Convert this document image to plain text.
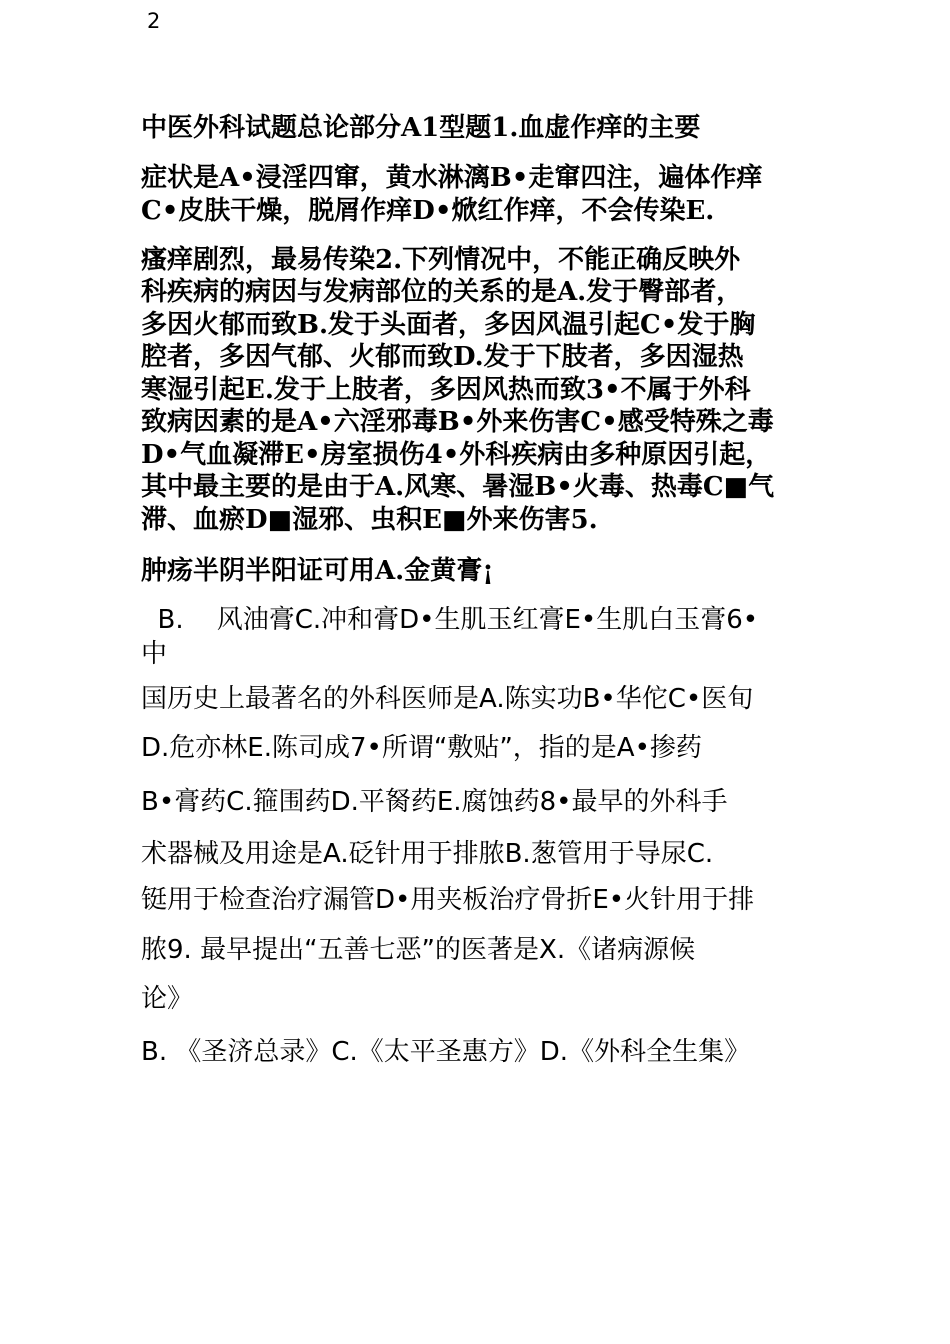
2
中医外科试题总论部分A1型题1.血虚作痒的主要
症状是A•浸淫四窜，黄水淋漓B•走窜四注，遍体作痒
C•皮肤干燥，脱屑作痒D•焮红作痒，不会传染E.
瘙痒剧烈，最易传染2.下列情况中，不能正确反映外
科疾病的病因与发病部位的关系的是A.发于臀部者，
多因火郁而致B.发于头面者，多因风温引起C•发于胸
腔者，多因气郁、火郁而致D.发于下肢者，多因湿热
寒湿引起E.发于上肢者，多因风热而致3•不属于外科
致病因素的是A•六淫邪毒B•外来伤害C•感受特殊之毒
D•气血凝滞E•房室损伤4•外科疾病由多种原因引起，
其中最主要的是由于A.风寒、暑湿B•火毒、热毒C■气
滞、血瘀D■湿邪、虫积E■外来伤害5.
肿疡半阴半阳证可用A.金黄膏¡
B.    风油膏C.冲和膏D•生肌玉红膏E•生肌白玉膏6•
中
国历史上最著名的外科医师是A.陈实功B•华佗C•医旬
D.危亦林E.陈司成7•所谓“敷贴”，指的是A•掺药
B•膏药C.箍围药D.平胬药E.腐蚀药8•最早的外科手
术器械及用途是A.砭针用于排脓B.葱管用于导尿C.
铤用于检查治疗漏管D•用夹板治疗骨折E•火针用于排
脓9. 最早提出“五善七恶”的医著是X.《诸病源候
论》
B. 《圣济总录》C.《太平圣惠方》D.《外科全生集》
